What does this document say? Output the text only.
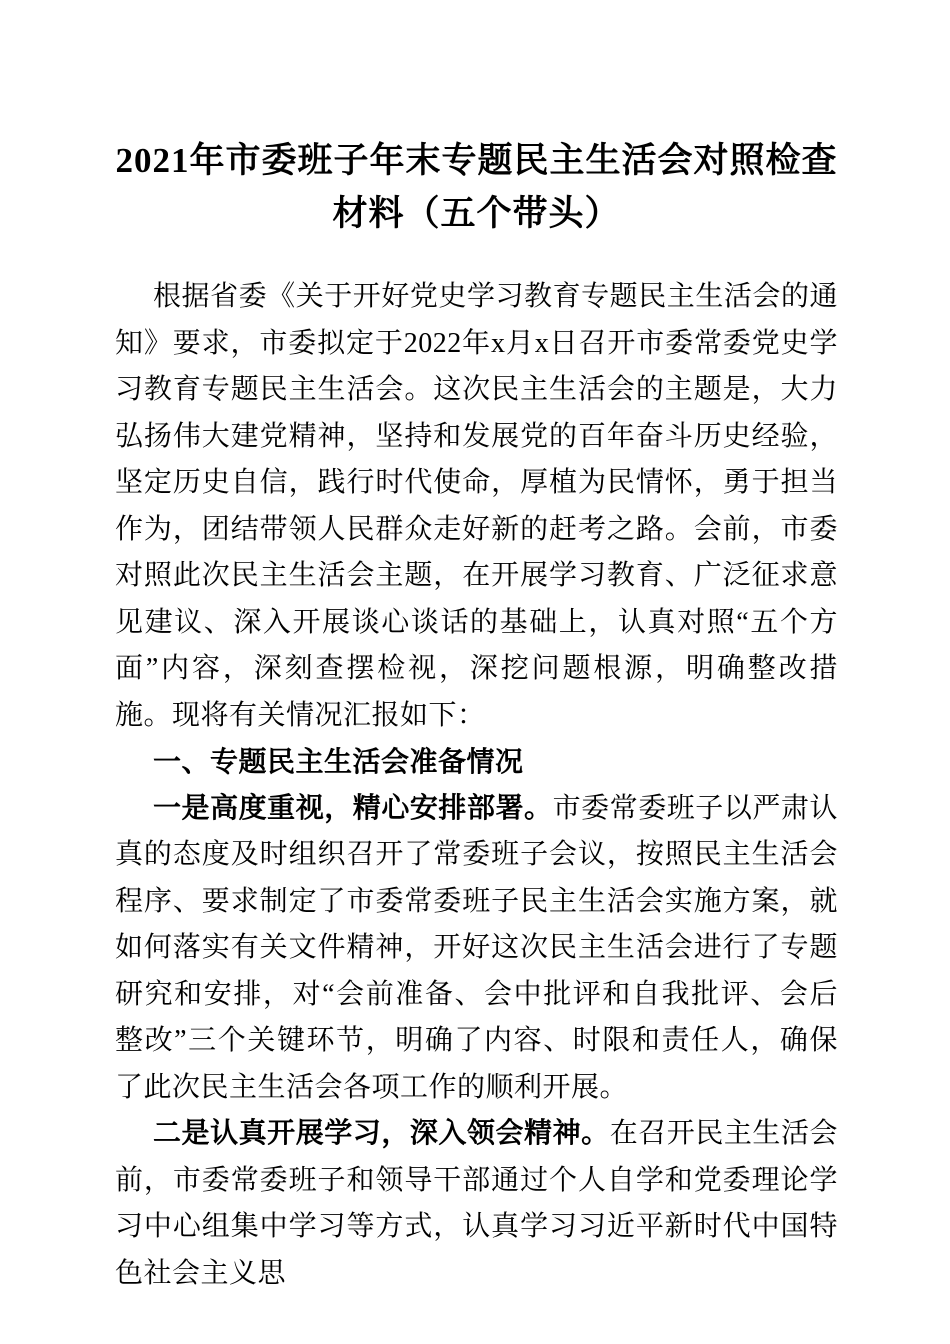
2021年市委班子年末专题民主生活会对照检查材料（五个带头）

根据省委《关于开好党史学习教育专题民主生活会的通知》要求，市委拟定于2022年x月x日召开市委常委党史学习教育专题民主生活会。这次民主生活会的主题是，大力弘扬伟大建党精神，坚持和发展党的百年奋斗历史经验，坚定历史自信，践行时代使命，厚植为民情怀，勇于担当作为，团结带领人民群众走好新的赶考之路。会前，市委对照此次民主生活会主题，在开展学习教育、广泛征求意见建议、深入开展谈心谈话的基础上，认真对照“五个方面”内容，深刻查摆检视，深挖问题根源，明确整改措施。现将有关情况汇报如下：

一、专题民主生活会准备情况

一是高度重视，精心安排部署。市委常委班子以严肃认真的态度及时组织召开了常委班子会议，按照民主生活会程序、要求制定了市委常委班子民主生活会实施方案，就如何落实有关文件精神，开好这次民主生活会进行了专题研究和安排，对“会前准备、会中批评和自我批评、会后整改”三个关键环节，明确了内容、时限和责任人，确保了此次民主生活会各项工作的顺利开展。

二是认真开展学习，深入领会精神。在召开民主生活会前，市委常委班子和领导干部通过个人自学和党委理论学习中心组集中学习等方式，认真学习习近平新时代中国特色社会主义思
